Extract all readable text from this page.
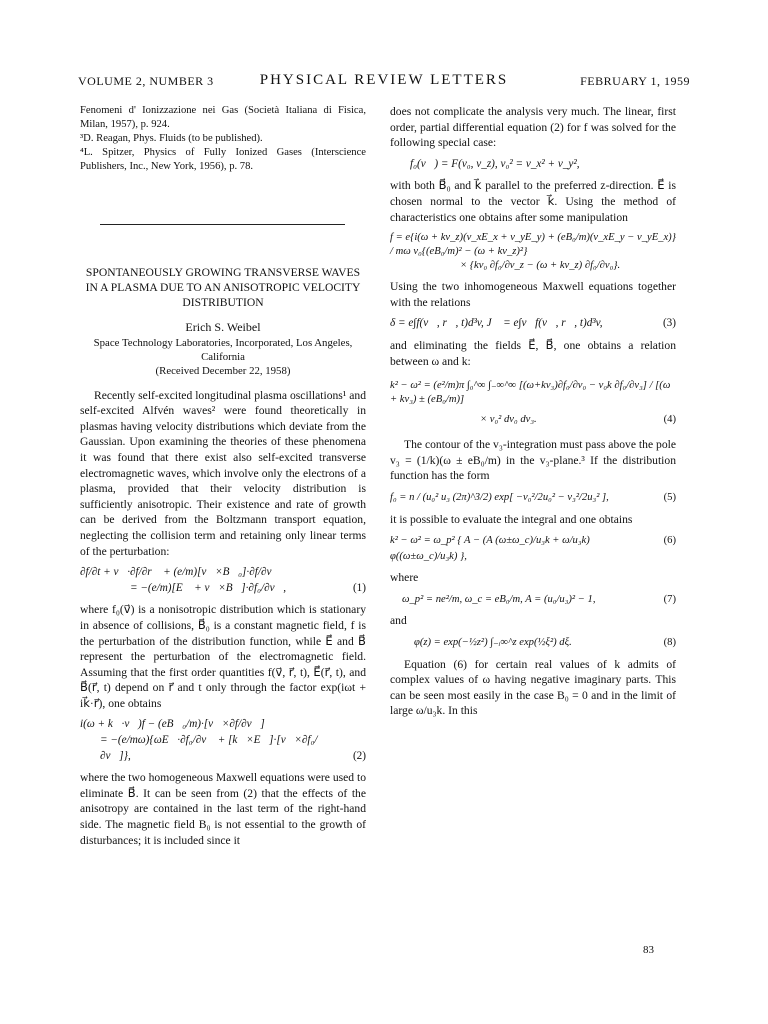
VOLUME 2, NUMBER 3	PHYSICAL REVIEW LETTERS	FEBRUARY 1, 1959

Fenomeni d' Ionizzazione nei Gas (Società Italiana di Fisica, Milan, 1957), p. 924.

³D. Reagan, Phys. Fluids (to be published).

⁴L. Spitzer, Physics of Fully Ionized Gases (Interscience Publishers, Inc., New York, 1956), p. 78.

SPONTANEOUSLY GROWING TRANSVERSE WAVES IN A PLASMA DUE TO AN ANISOTROPIC VELOCITY DISTRIBUTION

Erich S. Weibel

Space Technology Laboratories, Incorporated, Los Angeles, California
(Received December 22, 1958)

Recently self-excited longitudinal plasma oscillations¹ and self-excited Alfvén waves² were found theoretically in plasmas having velocity distributions which deviate from the Gaussian. Upon examining the theories of these phenomena it was found that there exist also self-excited transverse electromagnetic waves, which involve only the electrons of a plasma, provided that their velocity distribution is sufficiently anisotropic. Their existence and rate of growth can be derived from the Boltzmann transport equation, neglecting the collision term and retaining only linear terms of the perturbation:

∂f/∂t + v⃗·∂f/∂r⃗ + (e/m)[v⃗×B⃗₀]·∂f/∂v⃗
= −(e/m)[E⃗ + v⃗×B⃗]·∂f₀/∂v⃗,	(1)

where f₀(v⃗) is a nonisotropic distribution which is stationary in absence of collisions, B⃗₀ is a constant magnetic field, f is the perturbation of the distribution function, while E⃗ and B⃗ represent the perturbation of the electromagnetic field. Assuming that the first order quantities f(v⃗, r⃗, t), E⃗(r⃗, t), and B⃗(r⃗, t) depend on r⃗ and t only through the factor exp(iωt + ik⃗·r⃗), one obtains

i(ω + k⃗·v⃗)f − (eB⃗₀/m)·[v⃗×∂f/∂v⃗]
= −(e/mω){ωE⃗·∂f₀/∂v⃗ + [k⃗×E⃗]·[v⃗×∂f₀/∂v⃗]},	(2)

where the two homogeneous Maxwell equations were used to eliminate B⃗. It can be seen from (2) that the effects of the anisotropy are contained in the last term of the right-hand side. The magnetic field B₀ is not essential to the growth of disturbances; it is included since it

does not complicate the analysis very much. The linear, first order, partial differential equation (2) for f was solved for the following special case:

f₀(v⃗) = F(v₀, v_z), v₀² = v_x² + v_y²,

with both B⃗₀ and k⃗ parallel to the preferred z-direction. E⃗ is chosen normal to the vector k⃗. Using the method of characteristics one obtains after some manipulation

f = e{i(ω + kv_z)(v_xE_x + v_yE_y) + (eB₀/m)(v_xE_y − v_yE_x)} / mω v₀{(eB₀/m)² − (ω + kv_z)²}
× {kv₀ ∂f₀/∂v_z − (ω + kv_z) ∂f₀/∂v₀}.

Using the two inhomogeneous Maxwell equations together with the relations

δ = e∫f(v⃗, r⃗, t)d³v, J⃗ = e∫v⃗f(v⃗, r⃗, t)d³v,	(3)

and eliminating the fields E⃗, B⃗, one obtains a relation between ω and k:

k² − ω² = (e²/m)π ∫₀^∞ ∫₋∞^∞ [(ω+kv₃)∂f₀/∂v₀ − v₀k ∂f₀/∂v₃] / [(ω + kv₃) ± (eB₀/m)]
× v₀² dv₀ dv₃.	(4)

The contour of the v₃-integration must pass above the pole v₃ = (1/k)(ω ± eB₀/m) in the v₃-plane.³ If the distribution function has the form

f₀ = n / (u₀² u₃ (2π)^3/2) exp[ −v₀²/2u₀² − v₃²/2u₃² ],	(5)

it is possible to evaluate the integral and one obtains

k² − ω² = ω_p² { A − (A (ω±ω_c)/u₃k + ω/u₃k) φ((ω±ω_c)/u₃k) },
(6)

where

ω_p² = ne²/m, ω_c = eB₀/m, A = (u₀/u₃)² − 1,	(7)

and

φ(z) = exp(−½z²) ∫₋ᵢ∞^z exp(½ξ²) dξ.	(8)

Equation (6) for certain real values of k admits of complex values of ω having negative imaginary parts. This can be seen most easily in the case B₀ = 0 and in the limit of large ω/u₃k. In this

83
